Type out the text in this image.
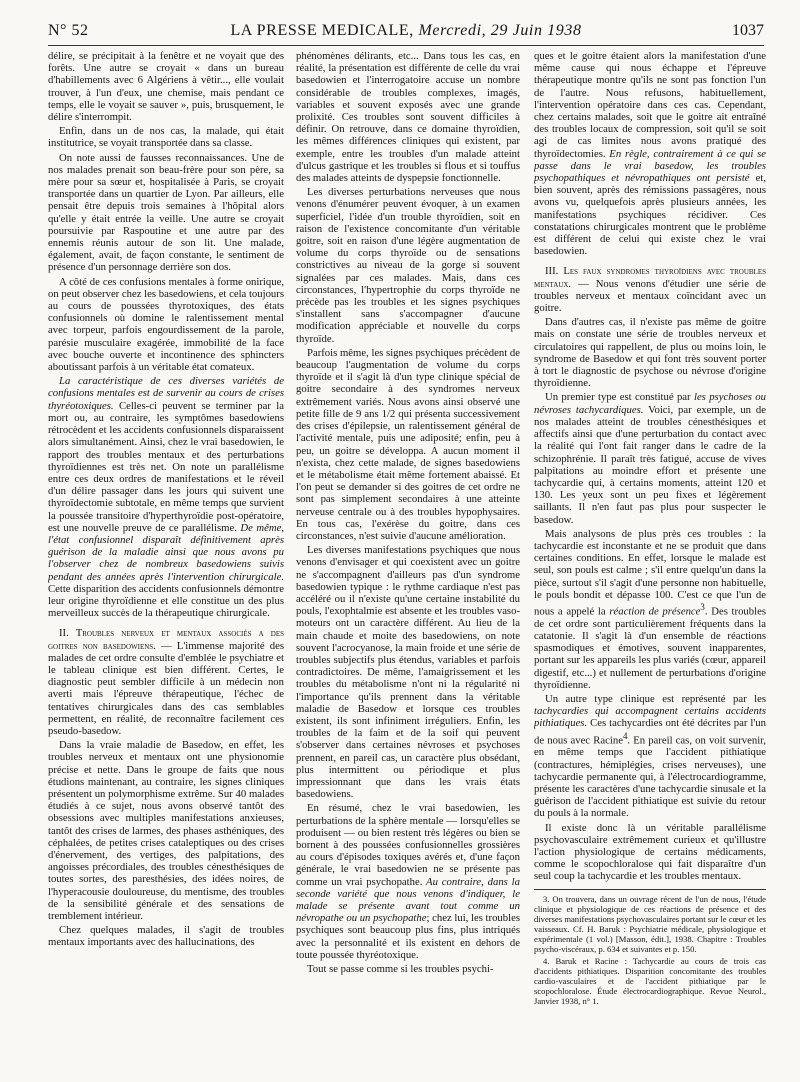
N° 52	LA PRESSE MEDICALE, Mercredi, 29 Juin 1938	1037

délire, se précipitait à la fenêtre et ne voyait que des forêts. Une autre se croyait « dans un bureau d'habillements avec 6 Algériens à vêtir..., elle voulait trouver, à l'un d'eux, une chemise, mais pendant ce temps, elle le voyait se sauver », puis, brusquement, le délire s'interrompit.

Enfin, dans un de nos cas, la malade, qui était institutrice, se voyait transportée dans sa classe.

On note aussi de fausses reconnaissances. Une de nos malades prenait son beau-frère pour son père, sa mère pour sa sœur et, hospitalisée à Paris, se croyait transportée dans un quartier de Lyon. Par ailleurs, elle pensait être depuis trois semaines à l'hôpital alors qu'elle y était entrée la veille. Une autre se croyait poursuivie par Raspoutine et une autre par des ennemis réunis autour de son lit. Une malade, également, avait, de façon constante, le sentiment de présence d'un personnage derrière son dos.

A côté de ces confusions mentales à forme onirique, on peut observer chez les basedowiens, et cela toujours au cours de poussées thyrotoxiques, des états confusionnels où domine le ralentissement mental avec torpeur, parfois engourdissement de la parole, parésie musculaire exagérée, immobilité de la face avec bouche ouverte et incontinence des sphincters aboutissant parfois à un véritable état comateux.

La caractéristique de ces diverses variétés de confusions mentales est de survenir au cours de crises thyréotoxiques. Celles-ci peuvent se terminer par la mort ou, au contraire, les symptômes basedowiens rétrocèdent et les accidents confusionnels disparaissent alors simultanément. Ainsi, chez le vrai basedowien, le rapport des troubles mentaux et des perturbations thyroïdiennes est très net. On note un parallélisme entre ces deux ordres de manifestations et le réveil d'un délire passager dans les jours qui suivent une thyroïdectomie subtotale, en même temps que survient la poussée transitoire d'hyperthyroïdie post-opératoire, est une nouvelle preuve de ce parallélisme. De même, l'état confusionnel disparaît définitivement après guérison de la maladie ainsi que nous avons pu l'observer chez de nombreux basedowiens suivis pendant des années après l'intervention chirurgicale. Cette disparition des accidents confusionnels démontre leur origine thyroïdienne et elle constitue un des plus merveilleux succès de la thérapeutique chirurgicale.

II. Troubles nerveux et mentaux associés a des goitres non basedowiens. — L'immense majorité des malades de cet ordre consulte d'emblée le psychiatre et le tableau clinique est bien différent. Certes, le diagnostic peut sembler difficile à un médecin non averti mais l'épreuve thérapeutique, l'échec de tentatives chirurgicales dans des cas semblables permettent, en réalité, de reconnaître facilement ces pseudo-basedow.

Dans la vraie maladie de Basedow, en effet, les troubles nerveux et mentaux ont une physionomie précise et nette. Dans le groupe de faits que nous étudions maintenant, au contraire, les signes cliniques présentent un polymorphisme extrême. Sur 40 malades étudiés à ce sujet, nous avons observé tantôt des obsessions avec multiples manifestations anxieuses, tantôt des crises de larmes, des phases asthéniques, des céphalées, de petites crises cataleptiques ou des crises d'énervement, des vertiges, des palpitations, des angoisses précordiales, des troubles cénesthésiques de toutes sortes, des paresthésies, des idées noires, de l'hyperacousie douloureuse, du mentisme, des troubles de la sensibilité générale et des sensations de tremblement intérieur.

Chez quelques malades, il s'agit de troubles mentaux importants avec des hallucinations, des

phénomènes délirants, etc... Dans tous les cas, en réalité, la présentation est différente de celle du vrai basedowien et l'interrogatoire accuse un nombre considérable de troubles complexes, imagés, variables et souvent exposés avec une grande prolixité. Ces troubles sont souvent difficiles à définir. On retrouve, dans ce domaine thyroïdien, les mêmes différences cliniques qui existent, par exemple, entre les troubles d'un malade atteint d'ulcus gastrique et les troubles si flous et si touffus des malades atteints de dyspepsie fonctionnelle.

Les diverses perturbations nerveuses que nous venons d'énumérer peuvent évoquer, à un examen superficiel, l'idée d'un trouble thyroïdien, soit en raison de l'existence concomitante d'un véritable goitre, soit en raison d'une légère augmentation de volume du corps thyroïde ou de sensations constrictives au niveau de la gorge si souvent signalées par ces malades. Mais, dans ces circonstances, l'hypertrophie du corps thyroïde ne précède pas les troubles et les signes psychiques s'installent sans s'accompagner d'aucune modification appréciable et nouvelle du corps thyroïde.

Parfois même, les signes psychiques précèdent de beaucoup l'augmentation de volume du corps thyroïde et il s'agit là d'un type clinique spécial de goitre secondaire à des syndromes nerveux extrêmement variés. Nous avons ainsi observé une petite fille de 9 ans 1/2 qui présenta successivement des crises d'épilepsie, un ralentissement général de l'activité mentale, puis une adiposité; enfin, peu à peu, un goitre se développa. A aucun moment il n'exista, chez cette malade, de signes basedowiens et le métabolisme était même fortement abaissé. Et l'on peut se demander si des goitres de cet ordre ne sont pas simplement secondaires à une atteinte nerveuse centrale ou à des troubles hypophysaires. En tous cas, l'exérèse du goitre, dans ces circonstances, n'est suivie d'aucune amélioration.

Les diverses manifestations psychiques que nous venons d'envisager et qui coexistent avec un goitre ne s'accompagnent d'ailleurs pas d'un syndrome basedowien typique : le rythme cardiaque n'est pas accéléré ou il n'existe qu'une certaine instabilité du pouls, l'exophtalmie est absente et les troubles vaso-moteurs ont un caractère différent. Au lieu de la main chaude et moite des basedowiens, on note souvent l'acrocyanose, la main froide et une série de troubles subjectifs plus étendus, variables et parfois contradictoires. De même, l'amaigrissement et les troubles du métabolisme n'ont ni la régularité ni l'importance qu'ils prennent dans la véritable maladie de Basedow et lorsque ces troubles existent, ils sont infiniment irréguliers. Enfin, les troubles de la faim et de la soif qui peuvent s'observer dans certaines névroses et psychoses prennent, en pareil cas, un caractère plus obsédant, plus intermittent ou périodique et plus impressionnant que dans les vrais états basedowiens.

En résumé, chez le vrai basedowien, les perturbations de la sphère mentale — lorsqu'elles se produisent — ou bien restent très légères ou bien se bornent à des poussées confusionnelles grossières au cours d'épisodes toxiques avérés et, d'une façon générale, le vrai basedowien ne se présente pas comme un vrai psychopathe. Au contraire, dans la seconde variété que nous venons d'indiquer, le malade se présente avant tout comme un névropathe ou un psychopathe; chez lui, les troubles psychiques sont beaucoup plus fins, plus intriqués avec la personnalité et ils existent en dehors de toute poussée thyréotoxique.

Tout se passe comme si les troubles psychi-

ques et le goitre étaient alors la manifestation d'une même cause qui nous échappe et l'épreuve thérapeutique montre qu'ils ne sont pas fonction l'un de l'autre. Nous refusons, habituellement, l'intervention opératoire dans ces cas. Cependant, chez certains malades, soit que le goitre ait entraîné des troubles locaux de compression, soit qu'il se soit agi de cas limites nous avons pratiqué des thyroïdectomies. En règle, contrairement à ce qui se passe dans le vrai basedow, les troubles psychopathiques et névropathiques ont persisté et, bien souvent, après des rémissions passagères, nous avons vu, quelquefois après plusieurs années, les manifestations psychiques récidiver. Ces constatations chirurgicales montrent que le problème est différent de celui qui existe chez le vrai basedowien.

III. Les faux syndromes thyroïdiens avec troubles mentaux. — Nous venons d'étudier une série de troubles nerveux et mentaux coïncidant avec un goitre.

Dans d'autres cas, il n'existe pas même de goitre mais on constate une série de troubles nerveux et circulatoires qui rappellent, de plus ou moins loin, le syndrome de Basedow et qui font très souvent porter à tort le diagnostic de psychose ou névrose d'origine thyroïdienne.

Un premier type est constitué par les psychoses ou névroses tachycardiques. Voici, par exemple, un de nos malades atteint de troubles cénesthésiques et affectifs ainsi que d'une perturbation du contact avec la réalité qui l'ont fait ranger dans le cadre de la schizophrénie. Il paraît très fatigué, accuse de vives palpitations au moindre effort et présente une tachycardie qui, à certains moments, atteint 120 et 130. Les yeux sont un peu fixes et légèrement saillants. Il n'en faut pas plus pour suspecter le basedow.

Mais analysons de plus près ces troubles : la tachycardie est inconstante et ne se produit que dans certaines conditions. En effet, lorsque le malade est seul, son pouls est calme ; s'il entre quelqu'un dans la pièce, surtout s'il s'agit d'une personne non habituelle, le pouls bondit et dépasse 100. C'est ce que l'un de nous a appelé la réaction de présence$^3$. Des troubles de cet ordre sont particulièrement fréquents dans la catatonie. Il s'agit là d'un ensemble de réactions spasmodiques et émotives, souvent inapparentes, portant sur les appareils les plus variés (cœur, appareil digestif, etc...) et nullement de perturbations d'origine thyroïdienne.

Un autre type clinique est représenté par les tachycardies qui accompagnent certains accidents pithiatiques. Ces tachycardies ont été décrites par l'un de nous avec Racine$^4$. En pareil cas, on voit survenir, en même temps que l'accident pithiatique (contractures, hémiplégies, crises nerveuses), une tachycardie permanente qui, à l'électrocardiogramme, présente les caractères d'une tachycardie sinusale et la guérison de l'accident pithiatique est suivie du retour du pouls à la normale.

Il existe donc là un véritable parallélisme psychovasculaire extrêmement curieux et qu'illustre l'action physiologique de certains médicaments, comme le scopochloralose qui fait disparaître d'un seul coup la tachycardie et les troubles mentaux.

3. On trouvera, dans un ouvrage récent de l'un de nous, l'étude clinique et physiologique de ces réactions de présence et des diverses manifestations psychovasculaires portant sur le cœur et les vaisseaux. Cf. H. Baruk : Psychiatrie médicale, physiologique et expérimentale (1 vol.) [Masson, édit.], 1938. Chapitre : Troubles psycho-viscéraux, p. 634 et suivantes et p. 150.

4. Baruk et Racine : Tachycardie au cours de trois cas d'accidents pithiatiques. Disparition concomitante des troubles cardio-vasculaires et de l'accident pithiatique par le scopochloralose. Étude électrocardiographique. Revue Neurol., Janvier 1938, n° 1.
